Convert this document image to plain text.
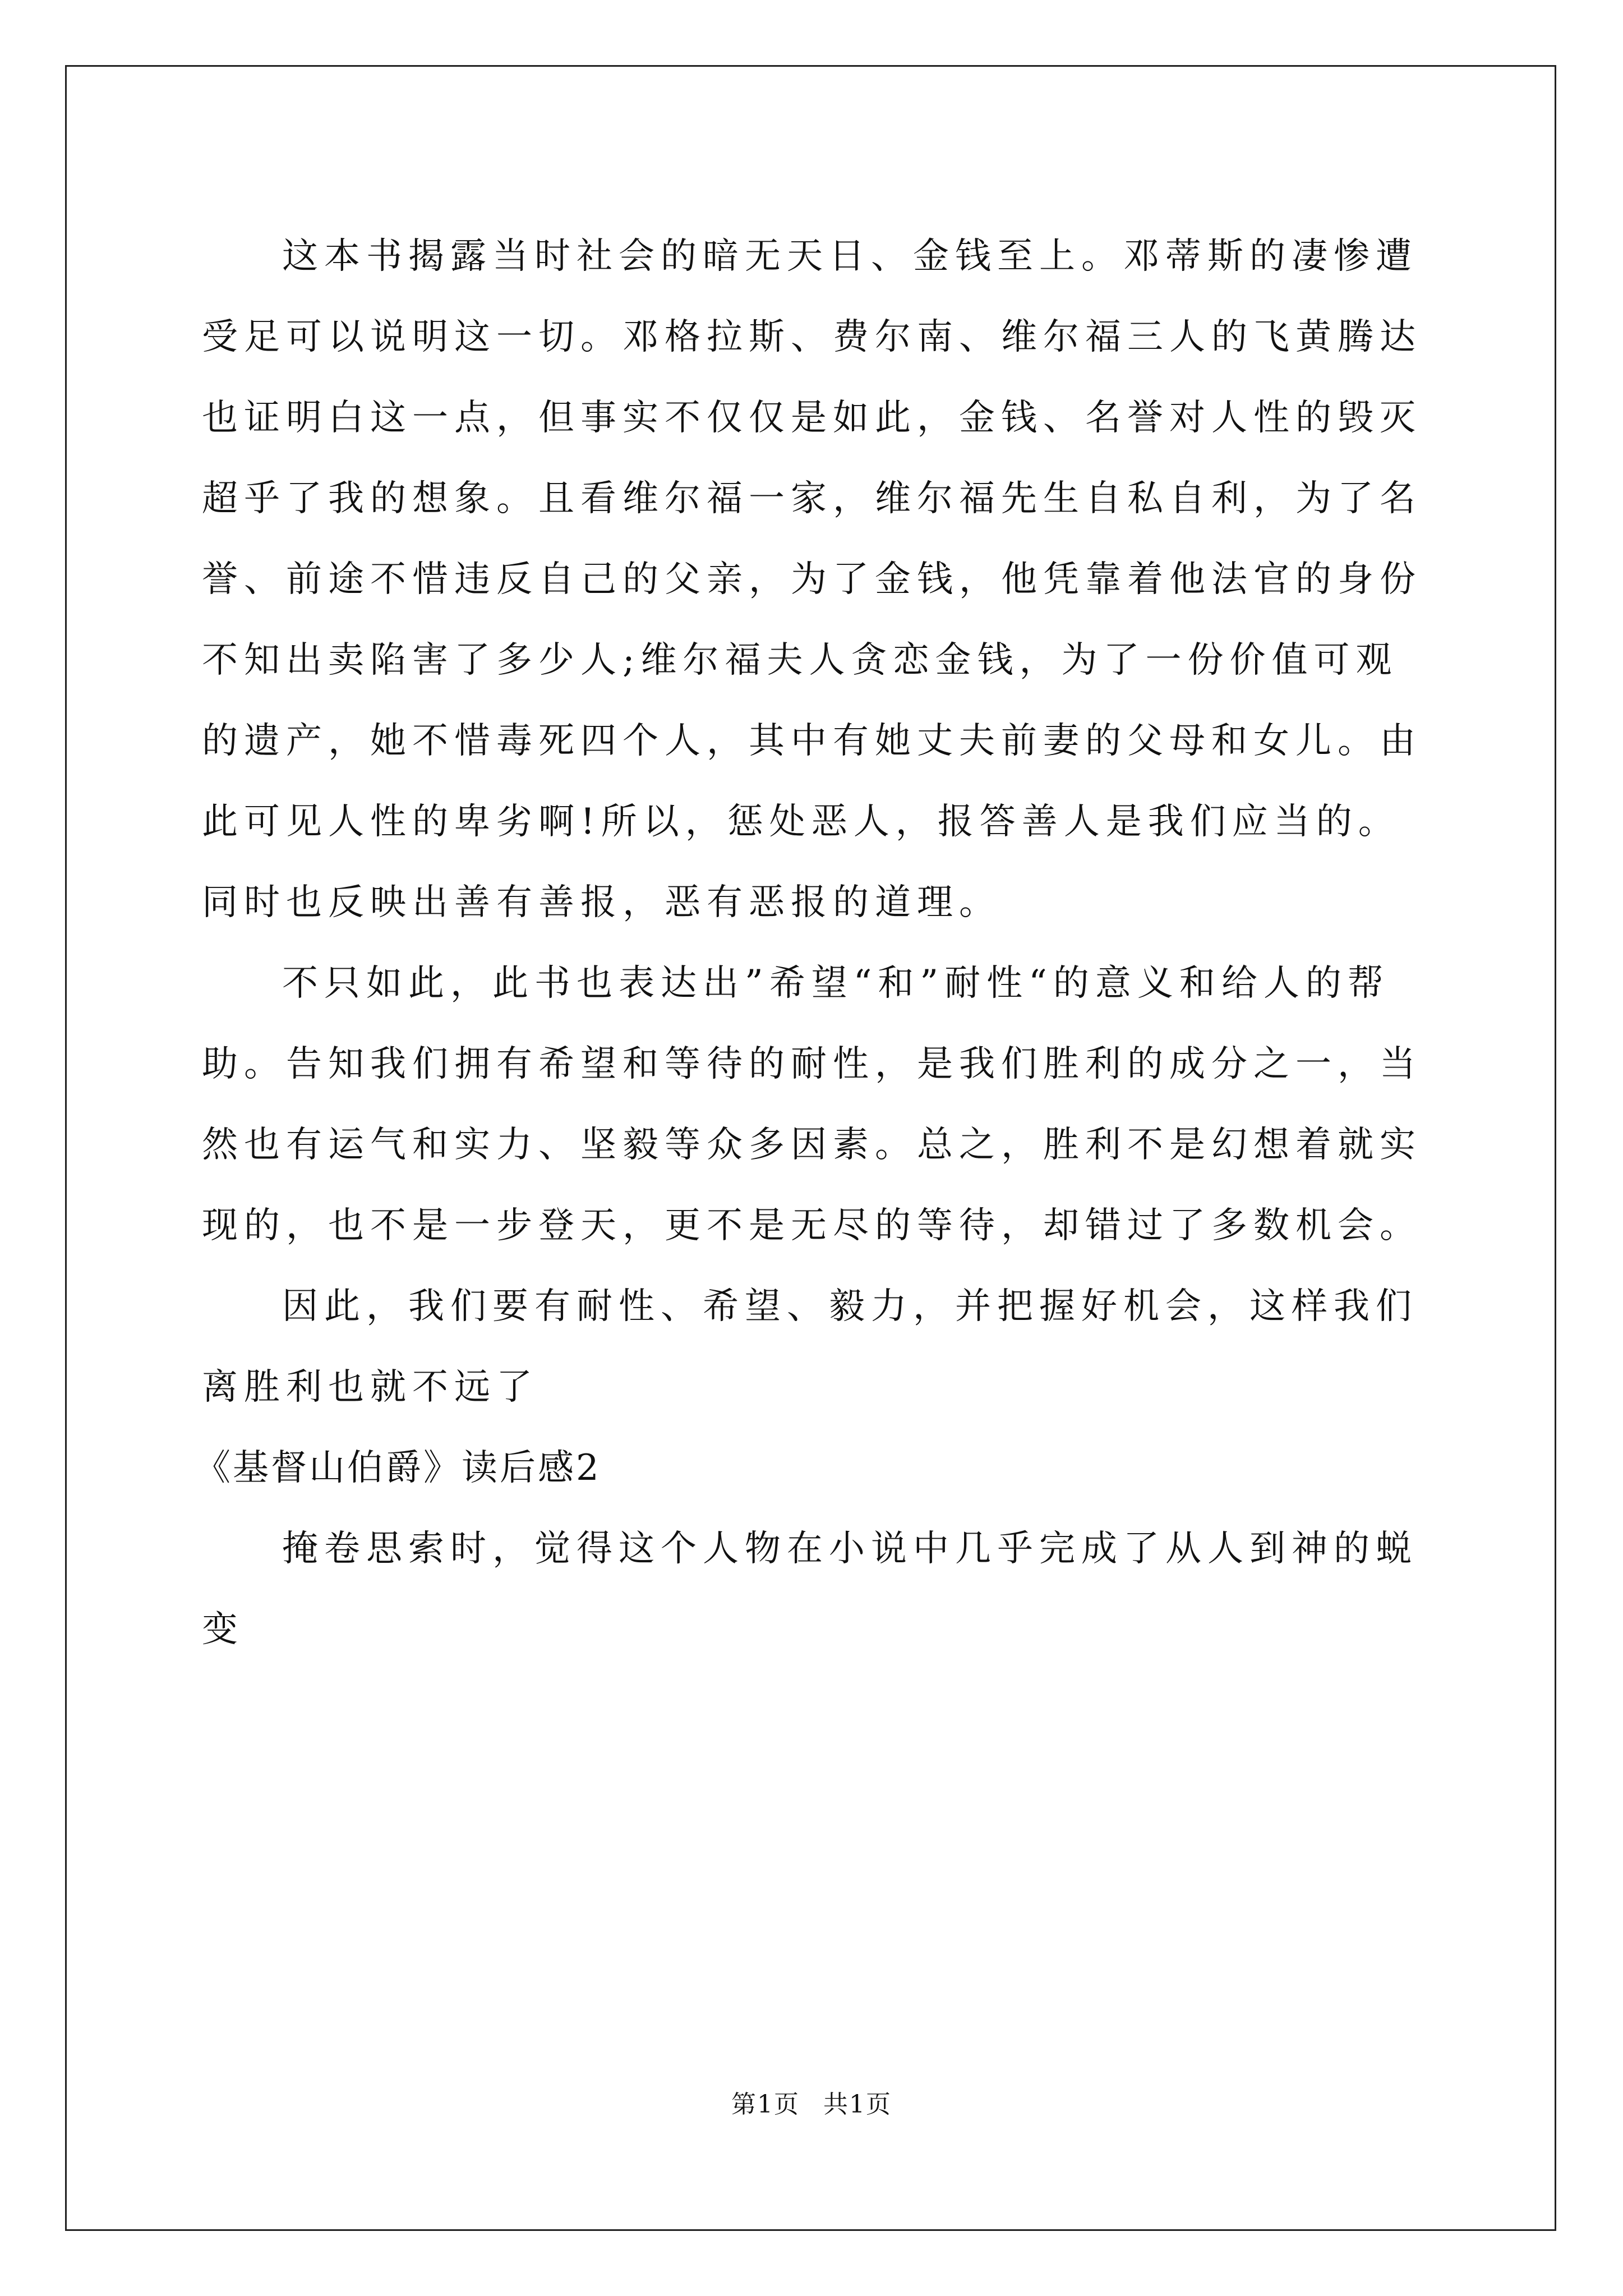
这本书揭露当时社会的暗无天日、金钱至上。邓蒂斯的凄惨遭受足可以说明这一切。邓格拉斯、费尔南、维尔福三人的飞黄腾达也证明白这一点，但事实不仅仅是如此，金钱、名誉对人性的毁灭超乎了我的想象。且看维尔福一家，维尔福先生自私自利，为了名誉、前途不惜违反自己的父亲，为了金钱，他凭靠着他法官的身份不知出卖陷害了多少人;维尔福夫人贪恋金钱，为了一份价值可观的遗产，她不惜毒死四个人，其中有她丈夫前妻的父母和女儿。由此可见人性的卑劣啊!所以，惩处恶人，报答善人是我们应当的。同时也反映出善有善报，恶有恶报的道理。

不只如此，此书也表达出”希望“和”耐性“的意义和给人的帮助。告知我们拥有希望和等待的耐性，是我们胜利的成分之一，当然也有运气和实力、坚毅等众多因素。总之，胜利不是幻想着就实现的，也不是一步登天，更不是无尽的等待，却错过了多数机会。

因此，我们要有耐性、希望、毅力，并把握好机会，这样我们离胜利也就不远了

《基督山伯爵》读后感2

掩卷思索时，觉得这个人物在小说中几乎完成了从人到神的蜕变

第1页 共1页
